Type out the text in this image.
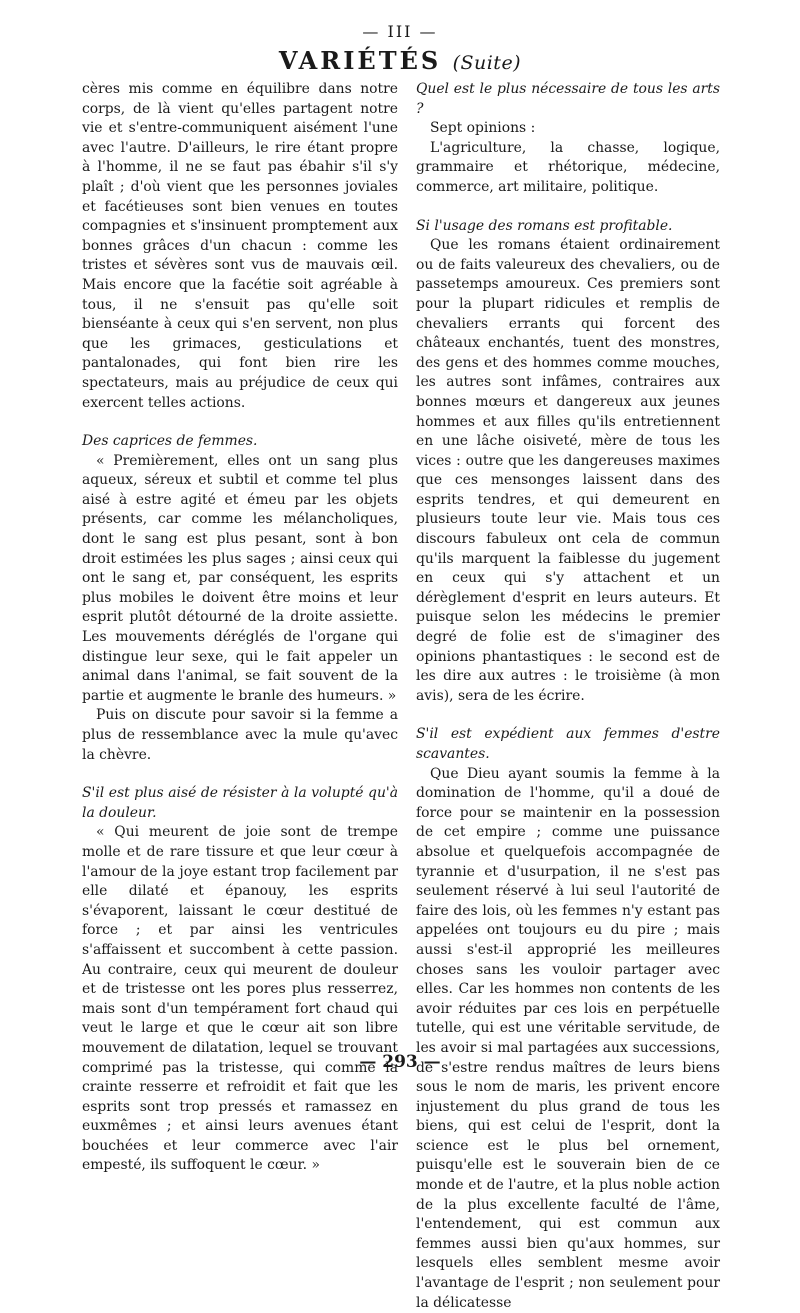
— III —
VARIÉTÉS (Suite)

cères mis comme en équilibre dans notre corps, de là vient qu'elles partagent notre vie et s'entre-communiquent aisément l'une avec l'autre. D'ailleurs, le rire étant propre à l'homme, il ne se faut pas ébahir s'il s'y plaît ; d'où vient que les personnes joviales et facétieuses sont bien venues en toutes compagnies et s'insinuent promptement aux bonnes grâces d'un chacun : comme les tristes et sévères sont vus de mauvais œil. Mais encore que la facétie soit agréable à tous, il ne s'ensuit pas qu'elle soit bienséante à ceux qui s'en servent, non plus que les grimaces, gesticulations et pantalonades, qui font bien rire les spectateurs, mais au préjudice de ceux qui exercent telles actions.

Des caprices de femmes.

« Premièrement, elles ont un sang plus aqueux, séreux et subtil et comme tel plus aisé à estre agité et émeu par les objets présents, car comme les mélancholiques, dont le sang est plus pesant, sont à bon droit estimées les plus sages ; ainsi ceux qui ont le sang et, par conséquent, les esprits plus mobiles le doivent être moins et leur esprit plutôt détourné de la droite assiette. Les mouvements déréglés de l'organe qui distingue leur sexe, qui le fait appeler un animal dans l'animal, se fait souvent de la partie et augmente le branle des humeurs. »

Puis on discute pour savoir si la femme a plus de ressemblance avec la mule qu'avec la chèvre.

S'il est plus aisé de résister à la volupté qu'à la douleur.

« Qui meurent de joie sont de trempe molle et de rare tissure et que leur cœur à l'amour de la joye estant trop facilement par elle dilaté et épanouy, les esprits s'évaporent, laissant le cœur destitué de force ; et par ainsi les ventricules s'affaissent et succombent à cette passion. Au contraire, ceux qui meurent de douleur et de tristesse ont les pores plus resserrez, mais sont d'un tempérament fort chaud qui veut le large et que le cœur ait son libre mouvement de dilatation, lequel se trouvant comprimé pas la tristesse, qui comme la crainte resserre et refroidit et fait que les esprits sont trop pressés et ramassez en euxmêmes ; et ainsi leurs avenues étant bouchées et leur commerce avec l'air empesté, ils suffoquent le cœur. »

Quel est le plus nécessaire de tous les arts ?

Sept opinions :

L'agriculture, la chasse, logique, grammaire et rhétorique, médecine, commerce, art militaire, politique.

Si l'usage des romans est profitable.

Que les romans étaient ordinairement ou de faits valeureux des chevaliers, ou de passetemps amoureux. Ces premiers sont pour la plupart ridicules et remplis de chevaliers errants qui forcent des châteaux enchantés, tuent des monstres, des gens et des hommes comme mouches, les autres sont infâmes, contraires aux bonnes mœurs et dangereux aux jeunes hommes et aux filles qu'ils entretiennent en une lâche oisiveté, mère de tous les vices : outre que les dangereuses maximes que ces mensonges laissent dans des esprits tendres, et qui demeurent en plusieurs toute leur vie. Mais tous ces discours fabuleux ont cela de commun qu'ils marquent la faiblesse du jugement en ceux qui s'y attachent et un dérèglement d'esprit en leurs auteurs. Et puisque selon les médecins le premier degré de folie est de s'imaginer des opinions phantastiques : le second est de les dire aux autres : le troisième (à mon avis), sera de les écrire.

S'il est expédient aux femmes d'estre scavantes.

Que Dieu ayant soumis la femme à la domination de l'homme, qu'il a doué de force pour se maintenir en la possession de cet empire ; comme une puissance absolue et quelquefois accompagnée de tyrannie et d'usurpation, il ne s'est pas seulement réservé à lui seul l'autorité de faire des lois, où les femmes n'y estant pas appelées ont toujours eu du pire ; mais aussi s'est-il approprié les meilleures choses sans les vouloir partager avec elles. Car les hommes non contents de les avoir réduites par ces lois en perpétuelle tutelle, qui est une véritable servitude, de les avoir si mal partagées aux successions, de s'estre rendus maîtres de leurs biens sous le nom de maris, les privent encore injustement du plus grand de tous les biens, qui est celui de l'esprit, dont la science est le plus bel ornement, puisqu'elle est le souverain bien de ce monde et de l'autre, et la plus noble action de la plus excellente faculté de l'âme, l'entendement, qui est commun aux femmes aussi bien qu'aux hommes, sur lesquels elles semblent mesme avoir l'avantage de l'esprit ; non seulement pour la délicatesse

— 293 —
